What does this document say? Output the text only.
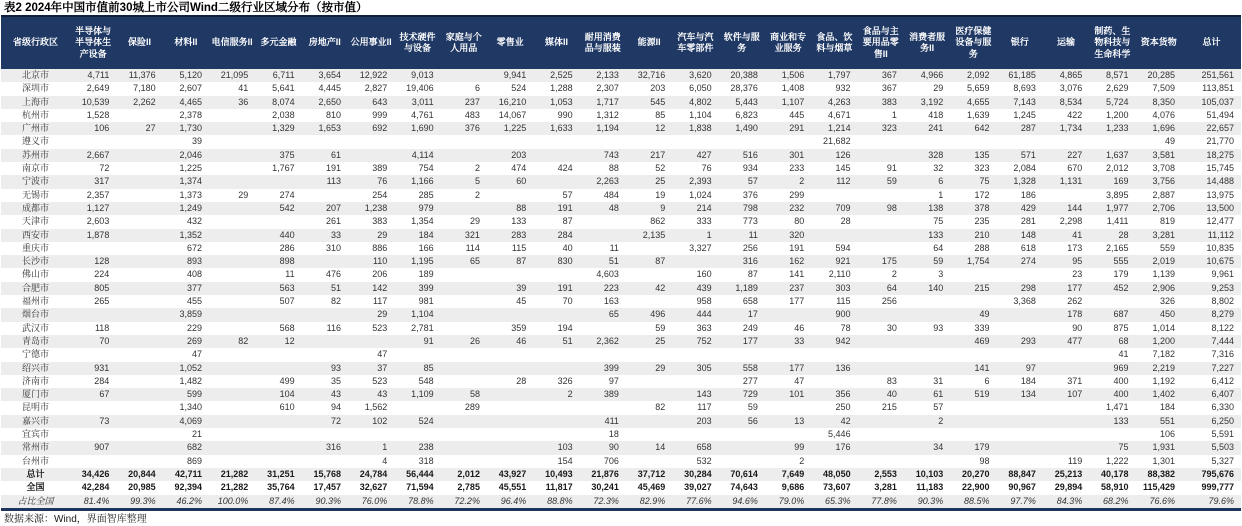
表2 2024年中国市值前30城上市公司Wind二级行业区域分布（按市值）
省级行政区	半导体与半导体生产设备	保险II	材料II	电信服务II	多元金融	房地产II	公用事业II	技术硬件与设备	家庭与个人用品	零售业	媒体II	耐用消费品与服装	能源II	汽车与汽车零部件	软件与服务	商业和专业服务	食品、饮料与烟草	食品与主要用品零售II	消费者服务II	医疗保健设备与服务	银行	运输	制药、生物科技与生命科学	资本货物	总计
北京市	4,711	11,376	5,120	21,095	6,711	3,654	12,922	9,013		9,941	2,525	2,133	32,716	3,620	20,388	1,506	1,797	367	4,966	2,092	61,185	4,865	8,571	20,285	251,561
深圳市	2,649	7,180	2,607	41	5,641	4,445	2,827	19,406	6	524	1,288	2,307	203	6,050	28,376	1,408	932	367	29	5,659	8,693	3,076	2,629	7,509	113,851
上海市	10,539	2,262	4,465	36	8,074	2,650	643	3,011	237	16,210	1,053	1,717	545	4,802	5,443	1,107	4,263	383	3,192	4,655	7,143	8,534	5,724	8,350	105,037
杭州市	1,528		2,378		2,038	810	999	4,761	483	14,067	990	1,312	85	1,104	6,823	445	4,671	1	418	1,639	1,245	422	1,200	4,076	51,494
广州市	106	27	1,730		1,329	1,653	692	1,690	376	1,225	1,633	1,194	12	1,838	1,490	291	1,214	323	241	642	287	1,734	1,233	1,696	22,657
遵义市			39														21,682							49	21,770
苏州市	2,667		2,046		375	61		4,114		203		743	217	427	516	301	126		328	135	571	227	1,637	3,581	18,275
南京市	72		1,225		1,767	191	389	754	2	474	424	88	52	76	934	233	145	91	32	323	2,084	670	2,012	3,708	15,745
宁波市	317		1,374			113	76	1,166	5	60		2,263	25	2,393	57	2	112	59	6	75	1,328	1,131	169	3,756	14,488
无锡市	2,357		1,373	29	274		254	285	2		57	484	19	1,024	376	299			1	172	186		3,895	2,887	13,975
成都市	1,127		1,249		542	207	1,238	979		88	191	48	9	214	798	232	709	98	138	378	429	144	1,977	2,706	13,500
天津市	2,603		432			261	383	1,354	29	133	87		862	333	773	80	28		75	235	281	2,298	1,411	819	12,477
西安市	1,878		1,352		440	33	29	184	321	283	284		2,135	1	11	320			133	210	148	41	28	3,281	11,112
重庆市			672		286	310	886	166	114	115	40	11		3,327	256	191	594		64	288	618	173	2,165	559	10,835
长沙市	128		893		898		110	1,195	65	87	830	51	87		316	162	921	175	59	1,754	274	95	555	2,019	10,675
佛山市	224		408		11	476	206	189				4,603		160	87	141	2,110	2	3			23	179	1,139	9,961
合肥市	805		377		563	51	142	399		39	191	223	42	439	1,189	237	303	64	140	215	298	177	452	2,906	9,253
福州市	265		455		507	82	117	981		45	70	163		958	658	177	115	256			3,368	262		326	8,802
烟台市			3,859				29	1,104				65	496	444	17		900			49		178	687	450	8,279
武汉市	118		229		568	116	523	2,781		359	194		59	363	249	46	78	30	93	339		90	875	1,014	8,122
青岛市	70		269	82	12			91	26	46	51	2,362	25	752	177	33	942			469	293	477	68	1,200	7,444
宁德市			47				47																41	7,182	7,316
绍兴市	931		1,052			93	37	85				399	29	305	558	177	136			141	97		969	2,219	7,227
济南市	284		1,482		499	35	523	548		28	326	97			277	47		83	31	6	184	371	400	1,192	6,412
厦门市	67		599		104	43	43	1,109	58		2	389		143	729	101	356	40	61	519	134	107	400	1,402	6,407
昆明市			1,340		610	94	1,562		289				82	117	59		250	215	57				1,471	184	6,330
嘉兴市	73		4,069			72	102	524				411		203	56	13	42		2				133	551	6,250
宜宾市			21									18					5,446							106	5,591
常州市	907		682			316	1	238			103	90	14	658		99	176		34	179			75	1,931	5,503
台州市			869				4	318			154	706		532		2				98		119	1,222	1,301	5,327
总计	34,426	20,844	42,711	21,282	31,251	15,768	24,784	56,444	2,012	43,927	10,493	21,876	37,712	30,284	70,614	7,649	48,050	2,553	10,103	20,270	88,847	25,213	40,178	88,382	795,676
全国	42,284	20,985	92,394	21,282	35,764	17,457	32,627	71,594	2,785	45,551	11,817	30,241	45,469	39,027	74,643	9,686	73,607	3,281	11,183	22,900	90,967	29,894	58,910	115,429	999,777
占比全国	81.4%	99.3%	46.2%	100.0%	87.4%	90.3%	76.0%	78.8%	72.2%	96.4%	88.8%	72.3%	82.9%	77.6%	94.6%	79.0%	65.3%	77.8%	90.3%	88.5%	97.7%	84.3%	68.2%	76.6%	79.6%
数据来源：Wind，界面智库整理
